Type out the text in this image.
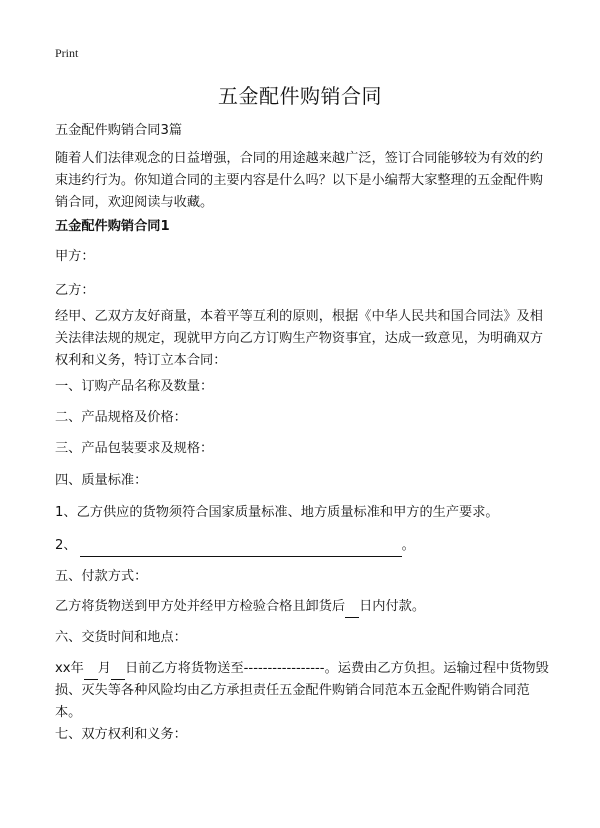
Print
五金配件购销合同

五金配件购销合同3篇

随着人们法律观念的日益增强，合同的用途越来越广泛，签订合同能够较为有效的约束违约行为。你知道合同的主要内容是什么吗？以下是小编帮大家整理的五金配件购销合同，欢迎阅读与收藏。

五金配件购销合同1

甲方：

乙方：

经甲、乙双方友好商量，本着平等互利的原则，根据《中华人民共和国合同法》及相关法律法规的规定，现就甲方向乙方订购生产物资事宜，达成一致意见，为明确双方权利和义务，特订立本合同：

一、订购产品名称及数量：

二、产品规格及价格：

三、产品包装要求及规格：

四、质量标准：

1、乙方供应的货物须符合国家质量标准、地方质量标准和甲方的生产要求。

2、	。

五、付款方式：

乙方将货物送到甲方处并经甲方检验合格且卸货后 日内付款。

六、交货时间和地点：

xx年 月 日前乙方将货物送至-----------------。运费由乙方负担。运输过程中货物毁损、灭失等各种风险均由乙方承担责任五金配件购销合同范本五金配件购销合同范本。

七、双方权利和义务：
